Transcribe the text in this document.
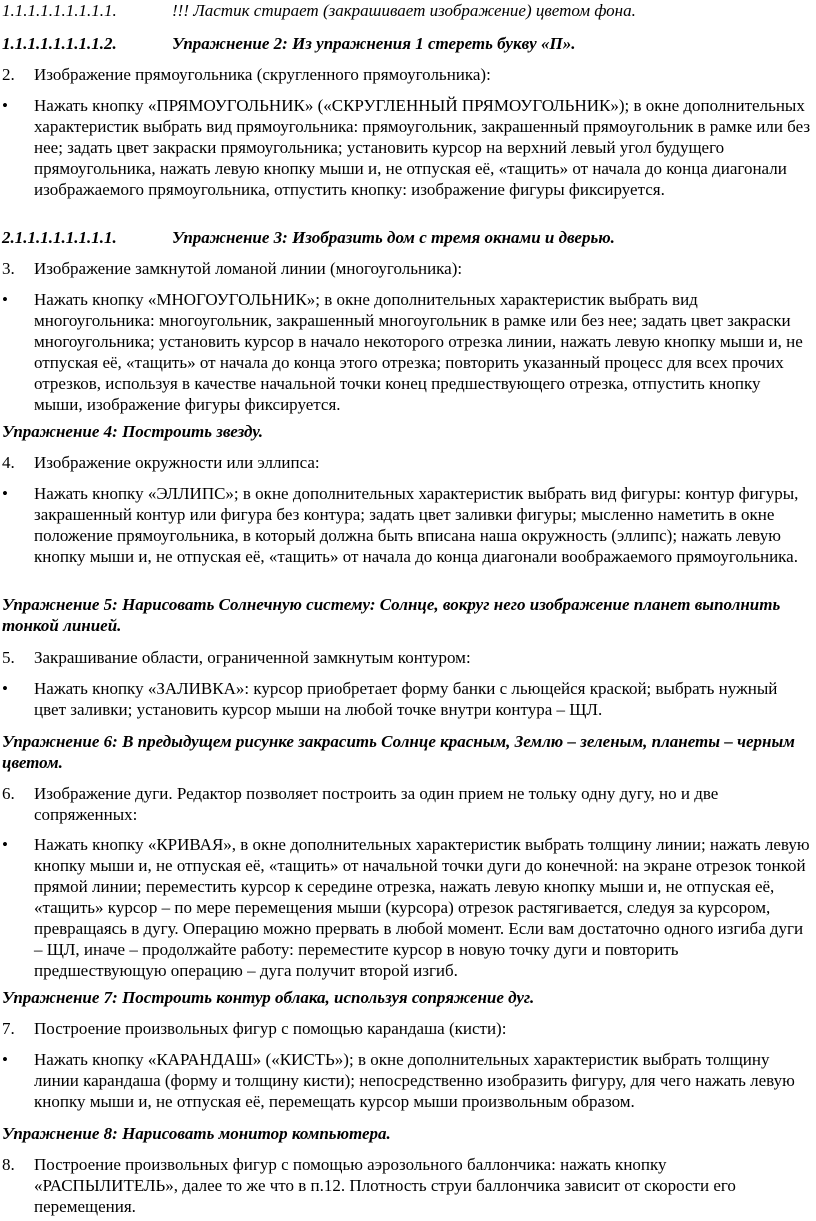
1.1.1.1.1.1.1.1.1.	!!! Ластик стирает (закрашивает изображение) цветом фона.
1.1.1.1.1.1.1.1.2.	Упражнение 2: Из упражнения 1 стереть букву «П».
2.	Изображение прямоугольника (скругленного прямоугольника):
•	Нажать кнопку «ПРЯМОУГОЛЬНИК» («СКРУГЛЕННЫЙ ПРЯМОУГОЛЬНИК»); в окне дополнительных характеристик выбрать вид прямоугольника: прямоугольник, закрашенный прямоугольник в рамке или без нее; задать цвет закраски прямоугольника; установить курсор на верхний левый угол будущего прямоугольника, нажать левую кнопку мыши и, не отпуская её, «тащить» от начала до конца диагонали изображаемого прямоугольника, отпустить кнопку: изображение фигуры фиксируется.
2.1.1.1.1.1.1.1.1.	Упражнение 3: Изобразить дом с тремя окнами и дверью.
3.	Изображение замкнутой ломаной линии (многоугольника):
•	Нажать кнопку «МНОГОУГОЛЬНИК»; в окне дополнительных характеристик выбрать вид многоугольника: многоугольник, закрашенный многоугольник в рамке или без нее; задать цвет закраски многоугольника; установить курсор в начало некоторого отрезка линии, нажать левую кнопку мыши и, не отпуская её, «тащить» от начала до конца этого отрезка; повторить указанный процесс для всех прочих отрезков, используя в качестве начальной точки конец предшествующего отрезка, отпустить кнопку мыши, изображение фигуры фиксируется.
Упражнение 4: Построить звезду.
4.	Изображение окружности или эллипса:
•	Нажать кнопку «ЭЛЛИПС»; в окне дополнительных характеристик выбрать вид фигуры: контур фигуры, закрашенный контур или фигура без контура; задать цвет заливки фигуры; мысленно наметить в окне положение прямоугольника, в который должна быть вписана наша окружность (эллипс); нажать левую кнопку мыши и, не отпуская её, «тащить» от начала до конца диагонали воображаемого прямоугольника.
Упражнение 5: Нарисовать Солнечную систему: Солнце, вокруг него изображение планет выполнить тонкой линией.
5.	Закрашивание области, ограниченной замкнутым контуром:
•	Нажать кнопку «ЗАЛИВКА»: курсор приобретает форму банки с льющейся краской; выбрать нужный цвет заливки; установить курсор мыши на любой точке внутри контура – ЩЛ.
Упражнение 6: В предыдущем рисунке закрасить Солнце красным, Землю – зеленым, планеты – черным цветом.
6.	Изображение дуги. Редактор позволяет построить за один прием не тольку одну дугу, но и две сопряженных:
•	Нажать кнопку «КРИВАЯ», в окне дополнительных характеристик выбрать толщину линии; нажать левую кнопку мыши и, не отпуская её, «тащить» от начальной точки дуги до конечной: на экране отрезок тонкой прямой линии; переместить курсор к середине отрезка, нажать левую кнопку мыши и, не отпуская её, «тащить» курсор – по мере перемещения мыши (курсора) отрезок растягивается, следуя за курсором, превращаясь в дугу. Операцию можно прервать в любой момент. Если вам достаточно одного изгиба дуги – ЩЛ, иначе – продолжайте работу: переместите курсор в новую точку дуги и повторить предшествующую операцию – дуга получит второй изгиб.
Упражнение 7: Построить контур облака, используя сопряжение дуг.
7.	Построение произвольных фигур с помощью карандаша (кисти):
•	Нажать кнопку «КАРАНДАШ» («КИСТЬ»); в окне дополнительных характеристик выбрать толщину линии карандаша (форму и толщину кисти); непосредственно изобразить фигуру, для чего нажать левую кнопку мыши и, не отпуская её, перемещать курсор мыши произвольным образом.
Упражнение 8: Нарисовать монитор компьютера.
8.	Построение произвольных фигур с помощью аэрозольного баллончика: нажать кнопку «РАСПЫЛИТЕЛЬ», далее то же что в п.12. Плотность струи баллончика зависит от скорости его перемещения.
